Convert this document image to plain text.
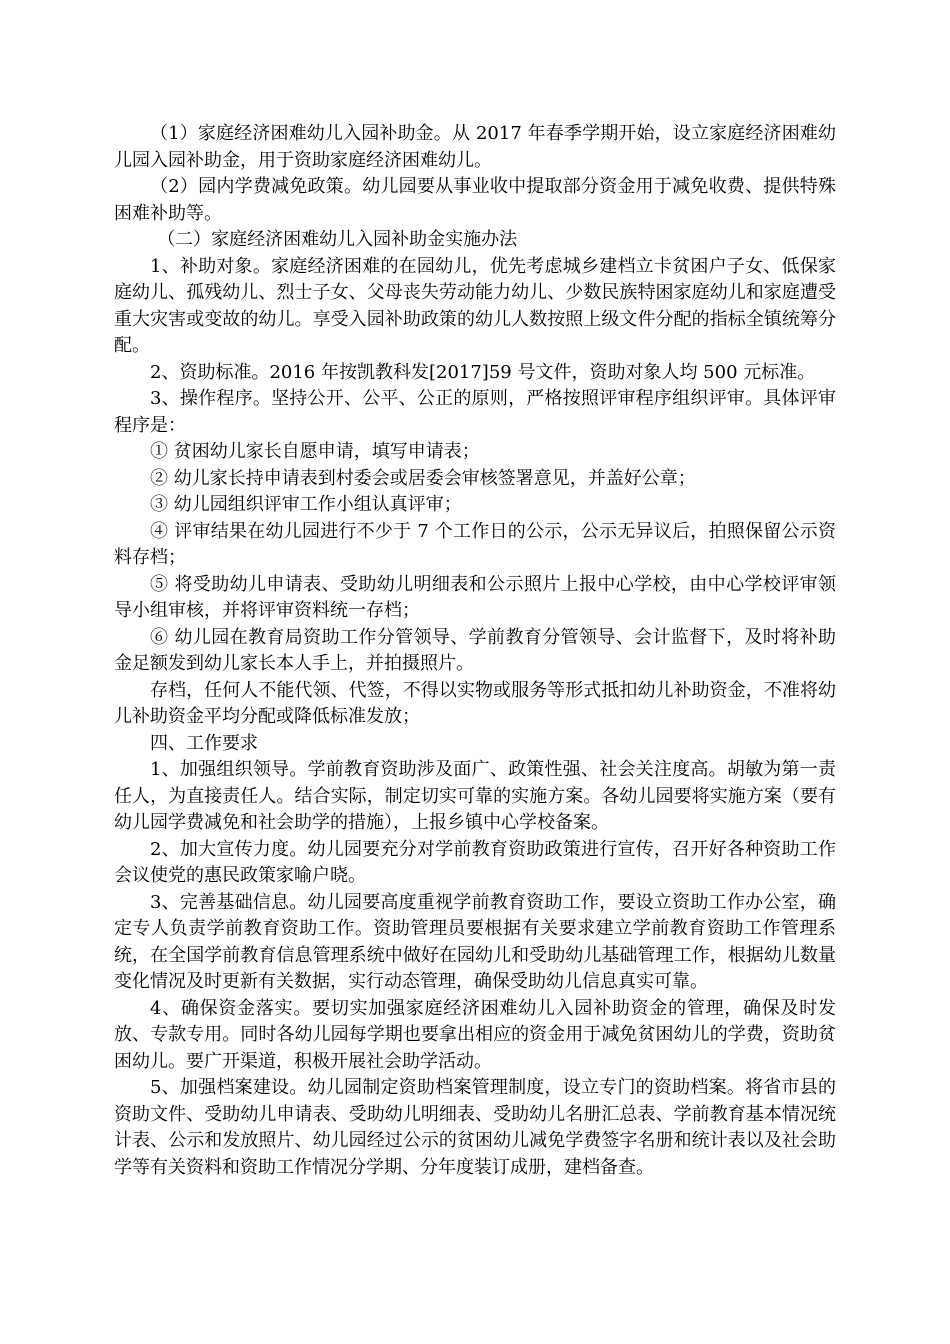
（1）家庭经济困难幼儿入园补助金。从 2017 年春季学期开始，设立家庭经济困难幼儿园入园补助金，用于资助家庭经济困难幼儿。

（2）园内学费减免政策。幼儿园要从事业收中提取部分资金用于减免收费、提供特殊困难补助等。

（二）家庭经济困难幼儿入园补助金实施办法

1、补助对象。家庭经济困难的在园幼儿，优先考虑城乡建档立卡贫困户子女、低保家庭幼儿、孤残幼儿、烈士子女、父母丧失劳动能力幼儿、少数民族特困家庭幼儿和家庭遭受重大灾害或变故的幼儿。享受入园补助政策的幼儿人数按照上级文件分配的指标全镇统筹分配。

2、资助标准。2016 年按凯教科发[2017]59 号文件，资助对象人均 500 元标准。

3、操作程序。坚持公开、公平、公正的原则，严格按照评审程序组织评审。具体评审程序是：

① 贫困幼儿家长自愿申请，填写申请表；

② 幼儿家长持申请表到村委会或居委会审核签署意见，并盖好公章；

③ 幼儿园组织评审工作小组认真评审；

④ 评审结果在幼儿园进行不少于 7 个工作日的公示，公示无异议后，拍照保留公示资料存档；

⑤ 将受助幼儿申请表、受助幼儿明细表和公示照片上报中心学校，由中心学校评审领导小组审核，并将评审资料统一存档；

⑥ 幼儿园在教育局资助工作分管领导、学前教育分管领导、会计监督下，及时将补助金足额发到幼儿家长本人手上，并拍摄照片。

存档，任何人不能代领、代签，不得以实物或服务等形式抵扣幼儿补助资金，不准将幼儿补助资金平均分配或降低标准发放；

四、工作要求

1、加强组织领导。学前教育资助涉及面广、政策性强、社会关注度高。胡敏为第一责任人，为直接责任人。结合实际，制定切实可靠的实施方案。各幼儿园要将实施方案（要有幼儿园学费减免和社会助学的措施），上报乡镇中心学校备案。

2、加大宣传力度。幼儿园要充分对学前教育资助政策进行宣传，召开好各种资助工作会议使党的惠民政策家喻户晓。

3、完善基础信息。幼儿园要高度重视学前教育资助工作，要设立资助工作办公室，确定专人负责学前教育资助工作。资助管理员要根据有关要求建立学前教育资助工作管理系统，在全国学前教育信息管理系统中做好在园幼儿和受助幼儿基础管理工作，根据幼儿数量变化情况及时更新有关数据，实行动态管理，确保受助幼儿信息真实可靠。

4、确保资金落实。要切实加强家庭经济困难幼儿入园补助资金的管理，确保及时发放、专款专用。同时各幼儿园每学期也要拿出相应的资金用于减免贫困幼儿的学费，资助贫困幼儿。要广开渠道，积极开展社会助学活动。

5、加强档案建设。幼儿园制定资助档案管理制度，设立专门的资助档案。将省市县的资助文件、受助幼儿申请表、受助幼儿明细表、受助幼儿名册汇总表、学前教育基本情况统计表、公示和发放照片、幼儿园经过公示的贫困幼儿减免学费签字名册和统计表以及社会助学等有关资料和资助工作情况分学期、分年度装订成册，建档备查。
